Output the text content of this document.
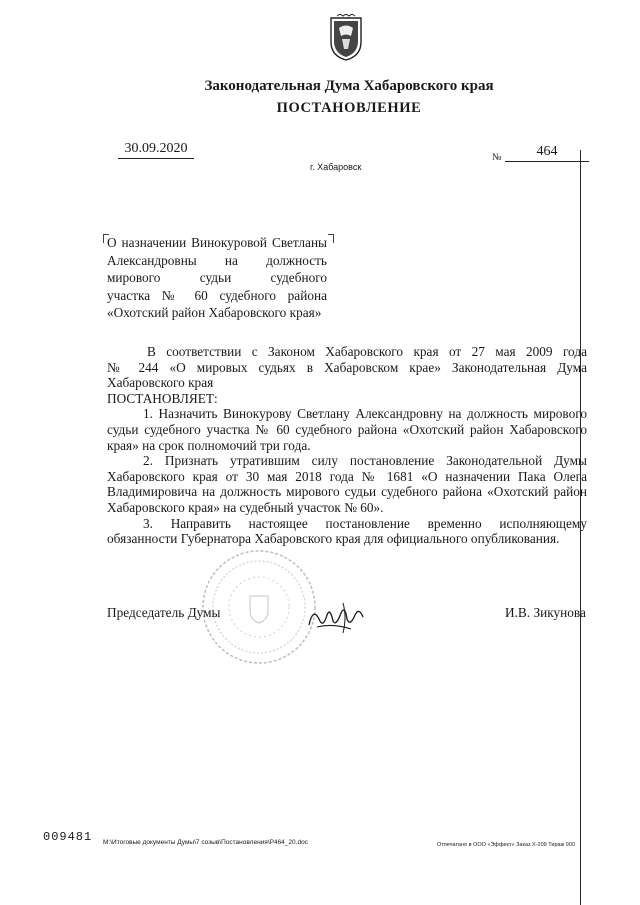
Законодательная Дума Хабаровского края
ПОСТАНОВЛЕНИЕ
30.09.2020
№	464
г. Хабаровск
О назначении Винокуровой Светланы
Александровны на должность
мирового судьи судебного
участка № 60 судебного района
«Охотский район Хабаровского края»
В соответствии с Законом Хабаровского края от 27 мая 2009 года
№ 244 «О мировых судьях в Хабаровском крае» Законодательная Дума
Хабаровского края
ПОСТАНОВЛЯЕТ:
1. Назначить Винокурову Светлану Александровну на должность мирового
судьи судебного участка № 60 судебного района «Охотский район Хабаровского
края» на срок полномочий три года.
2. Признать утратившим силу постановление Законодательной Думы
Хабаровского края от 30 мая 2018 года № 1681 «О назначении Пака Олега
Владимировича на должность мирового судьи судебного района «Охотский район
Хабаровского края» на судебный участок № 60».
3. Направить настоящее постановление временно исполняющему
обязанности Губернатора Хабаровского края для официального опубликования.
Председатель Думы	И.В. Зикунова
009481 M:\Итоговые документы Думы\7 созыв\Постановления\P464_20.doc	Отпечатано в ООО «Эффект» Заказ Х-209 Тираж 900
